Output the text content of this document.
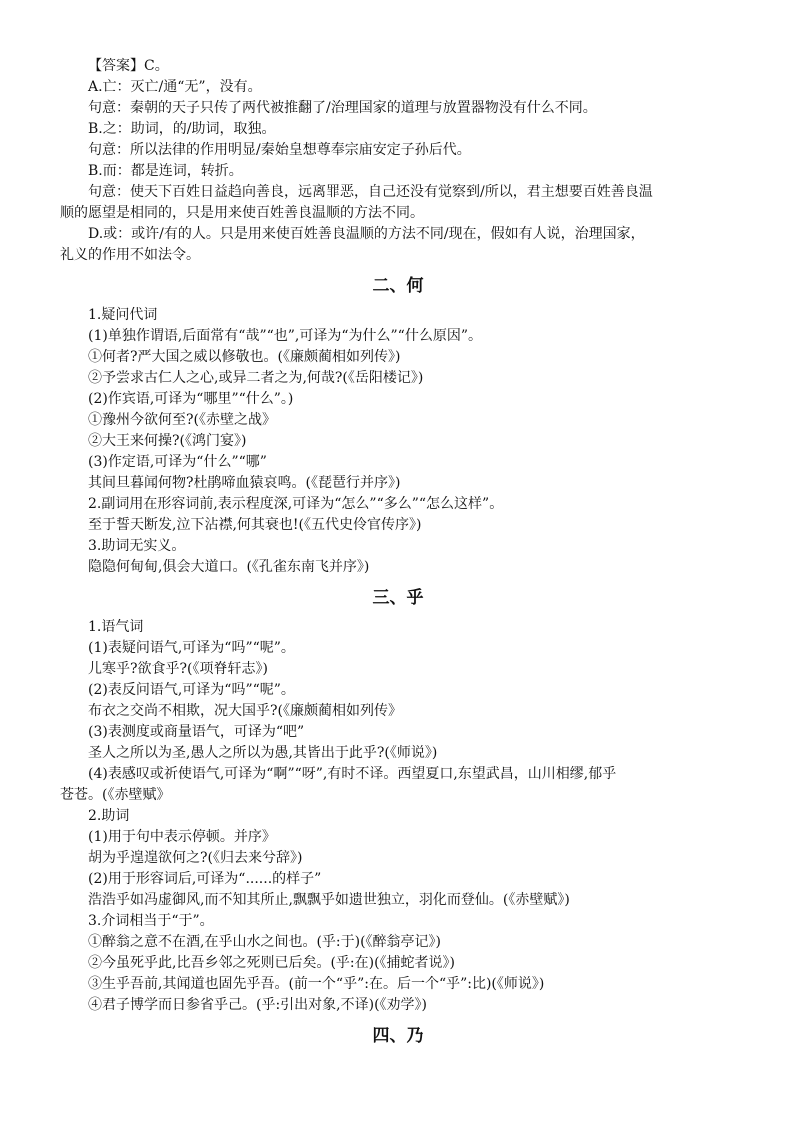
【答案】C。
A.亡：灭亡/通“无”，没有。
句意：秦朝的天子只传了两代被推翻了/治理国家的道理与放置器物没有什么不同。
B.之：助词，的/助词，取独。
句意：所以法律的作用明显/秦始皇想尊奉宗庙安定子孙后代。
B.而：都是连词，转折。
句意：使天下百姓日益趋向善良，远离罪恶，自己还没有觉察到/所以，君主想要百姓善良温
顺的愿望是相同的，只是用来使百姓善良温顺的方法不同。
D.或：或许/有的人。只是用来使百姓善良温顺的方法不同/现在，假如有人说，治理国家，
礼义的作用不如法令。
二、何
1.疑问代词
(1)单独作谓语,后面常有“哉”“也”,可译为“为什么”“什么原因”。
①何者?严大国之威以修敬也。(《廉颇蔺相如列传》)
②予尝求古仁人之心,或异二者之为,何哉?(《岳阳楼记》)
(2)作宾语,可译为“哪里”“什么”。)
①豫州今欲何至?(《赤壁之战》
②大王来何操?(《鸿门宴》)
(3)作定语,可译为“什么”“哪”
其间旦暮闻何物?杜鹃啼血猿哀鸣。(《琵琶行并序》)
2.副词用在形容词前,表示程度深,可译为“怎么”“多么”“怎么这样”。
至于誓天断发,泣下沾襟,何其衰也!(《五代史伶官传序》)
3.助词无实义。
隐隐何甸甸,俱会大道口。(《孔雀东南飞并序》)
三、乎
1.语气词
(1)表疑问语气,可译为“吗”“呢”。
儿寒乎?欲食乎?(《项脊轩志》)
(2)表反问语气,可译为“吗”“呢”。
布衣之交尚不相欺，况大国乎?(《廉颇蔺相如列传》
(3)表测度或商量语气，可译为“吧”
圣人之所以为圣,愚人之所以为愚,其皆出于此乎?(《师说》)
(4)表感叹或祈使语气,可译为“啊”“呀”,有时不译。西望夏口,东望武昌，山川相缪,郁乎
苍苍。(《赤壁赋》
2.助词
(1)用于句中表示停顿。并序》
胡为乎遑遑欲何之?(《归去来兮辞》)
(2)用于形容词后,可译为“......的样子”
浩浩乎如冯虚御风,而不知其所止,飘飘乎如遗世独立，羽化而登仙。(《赤壁赋》)
3.介词相当于“于”。
①醉翁之意不在酒,在乎山水之间也。(乎:于)(《醉翁亭记》)
②今虽死乎此,比吾乡邻之死则已后矣。(乎:在)(《捕蛇者说》)
③生乎吾前,其闻道也固先乎吾。(前一个“乎”:在。后一个“乎”:比)(《师说》)
④君子博学而日参省乎己。(乎:引出对象,不译)(《劝学》)
四、乃
